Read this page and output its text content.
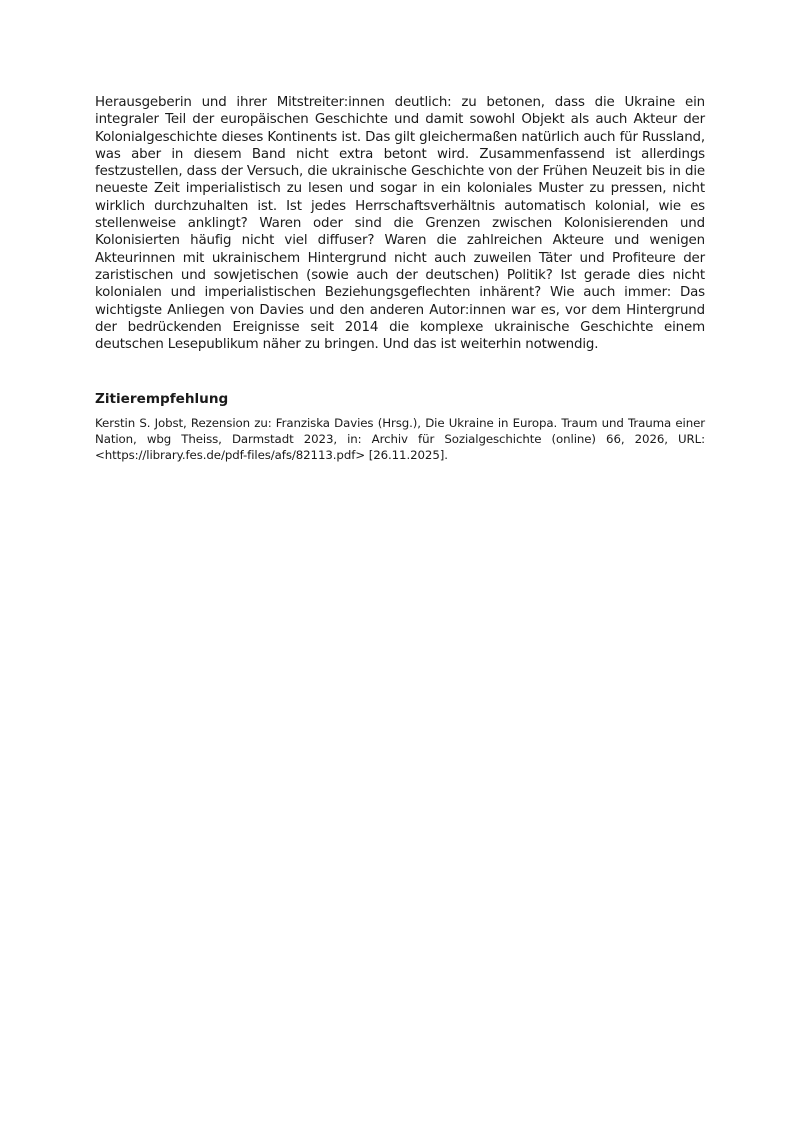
Herausgeberin und ihrer Mitstreiter:innen deutlich: zu betonen, dass die Ukraine ein integraler Teil der europäischen Geschichte und damit sowohl Objekt als auch Akteur der Kolonialgeschichte dieses Kontinents ist. Das gilt gleichermaßen natürlich auch für Russland, was aber in diesem Band nicht extra betont wird. Zusammenfassend ist allerdings festzustellen, dass der Versuch, die ukrainische Geschichte von der Frühen Neuzeit bis in die neueste Zeit imperialistisch zu lesen und sogar in ein koloniales Muster zu pressen, nicht wirklich durchzuhalten ist. Ist jedes Herrschaftsverhältnis automatisch kolonial, wie es stellenweise anklingt? Waren oder sind die Grenzen zwischen Kolonisierenden und Kolonisierten häufig nicht viel diffuser? Waren die zahlreichen Akteure und wenigen Akteurinnen mit ukrainischem Hintergrund nicht auch zuweilen Täter und Profiteure der zaristischen und sowjetischen (sowie auch der deutschen) Politik? Ist gerade dies nicht kolonialen und imperialistischen Beziehungsgeflechten inhärent? Wie auch immer: Das wichtigste Anliegen von Davies und den anderen Autor:innen war es, vor dem Hintergrund der bedrückenden Ereignisse seit 2014 die komplexe ukrainische Geschichte einem deutschen Lesepublikum näher zu bringen. Und das ist weiterhin notwendig.

Zitierempfehlung

Kerstin S. Jobst, Rezension zu: Franziska Davies (Hrsg.), Die Ukraine in Europa. Traum und Trauma einer Nation, wbg Theiss, Darmstadt 2023, in: Archiv für Sozialgeschichte (online) 66, 2026, URL: <https://library.fes.de/pdf-files/afs/82113.pdf> [26.11.2025].
